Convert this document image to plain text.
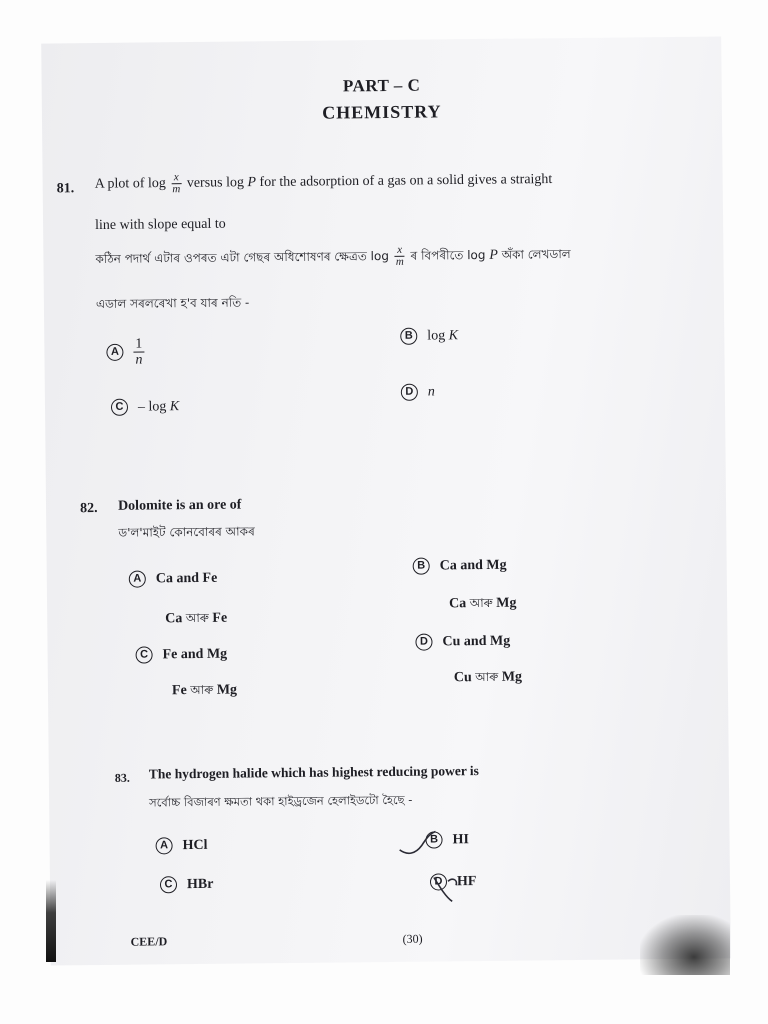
PART – C
CHEMISTRY
81. A plot of $\log \frac{x}{m}$ versus log P for the adsorption of a gas on a solid gives a straight
line with slope equal to
কঠিন পদাৰ্থ এটাৰ ওপৰত এটা গেছৰ অধিশোষণৰ ক্ষেত্ৰত $\log \frac{x}{m}$ ৰ বিপৰীতে log P অঁকা লেখডাল
এডাল সৰলৰেখা হ'ব যাৰ নতি -
A	$\frac{1}{n}$
B	log K
C	– log K
D	n
82. Dolomite is an ore of
ড'ল'মাইট কোনবোৰৰ আকৰ
A	Ca and Fe
Ca আৰু Fe
B	Ca and Mg
Ca আৰু Mg
C	Fe and Mg
Fe আৰু Mg
D	Cu and Mg
Cu আৰু Mg
83. The hydrogen halide which has highest reducing power is
সৰ্বোচ্চ বিজাৰণ ক্ষমতা থকা হাইড্ৰজেন হেলাইডটো হৈছে -
A	HCl	B	HI
C	HBr	D	HF
CEE/D	(30)
